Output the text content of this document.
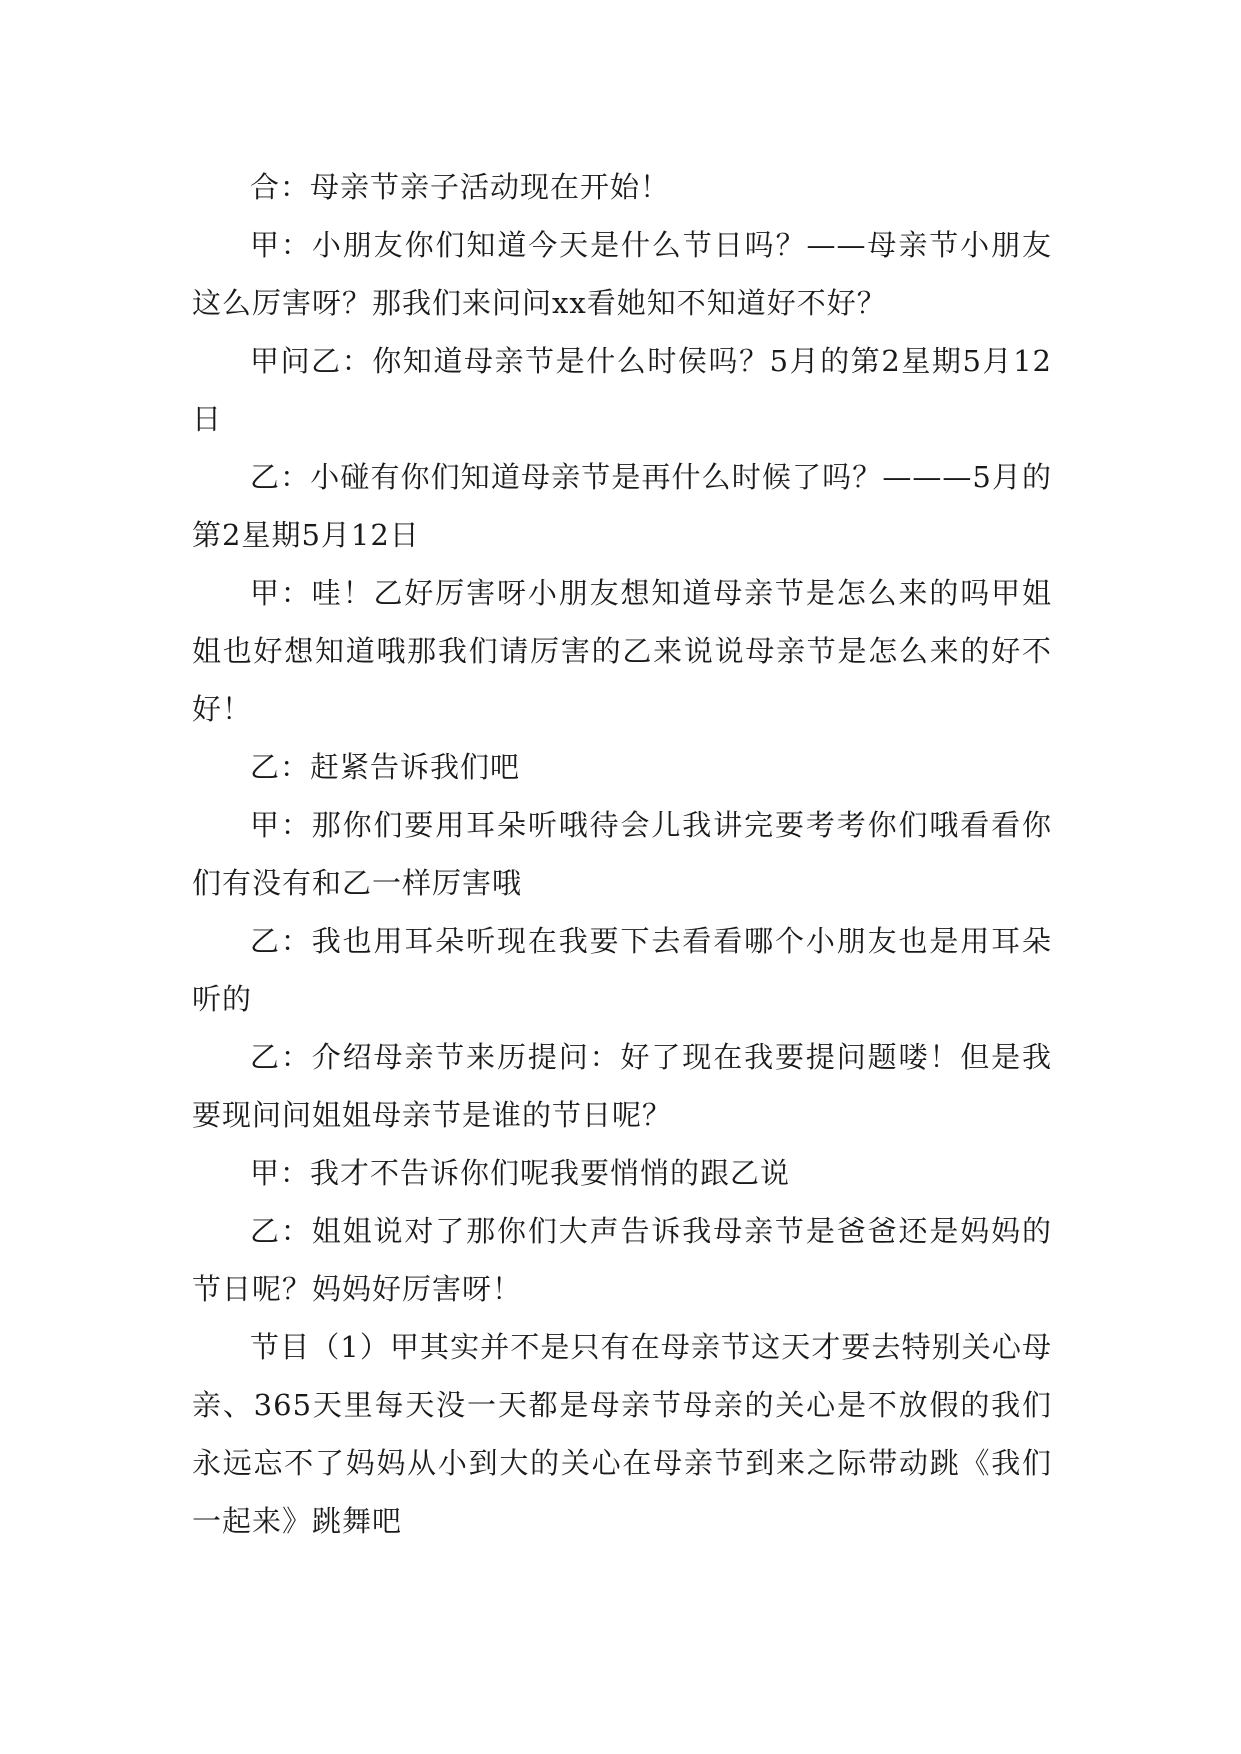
合：母亲节亲子活动现在开始！

甲：小朋友你们知道今天是什么节日吗？——母亲节小朋友这么厉害呀？那我们来问问xx看她知不知道好不好？

甲问乙：你知道母亲节是什么时侯吗？5月的第2星期5月12日

乙：小碰有你们知道母亲节是再什么时候了吗？———5月的第2星期5月12日

甲：哇！乙好厉害呀小朋友想知道母亲节是怎么来的吗甲姐姐也好想知道哦那我们请厉害的乙来说说母亲节是怎么来的好不好！

乙：赶紧告诉我们吧

甲：那你们要用耳朵听哦待会儿我讲完要考考你们哦看看你们有没有和乙一样厉害哦

乙：我也用耳朵听现在我要下去看看哪个小朋友也是用耳朵听的

乙：介绍母亲节来历提问：好了现在我要提问题喽！但是我要现问问姐姐母亲节是谁的节日呢？

甲：我才不告诉你们呢我要悄悄的跟乙说

乙：姐姐说对了那你们大声告诉我母亲节是爸爸还是妈妈的节日呢？妈妈好厉害呀！

节目（1）甲其实并不是只有在母亲节这天才要去特别关心母亲、365天里每天没一天都是母亲节母亲的关心是不放假的我们永远忘不了妈妈从小到大的关心在母亲节到来之际带动跳《我们一起来》跳舞吧
